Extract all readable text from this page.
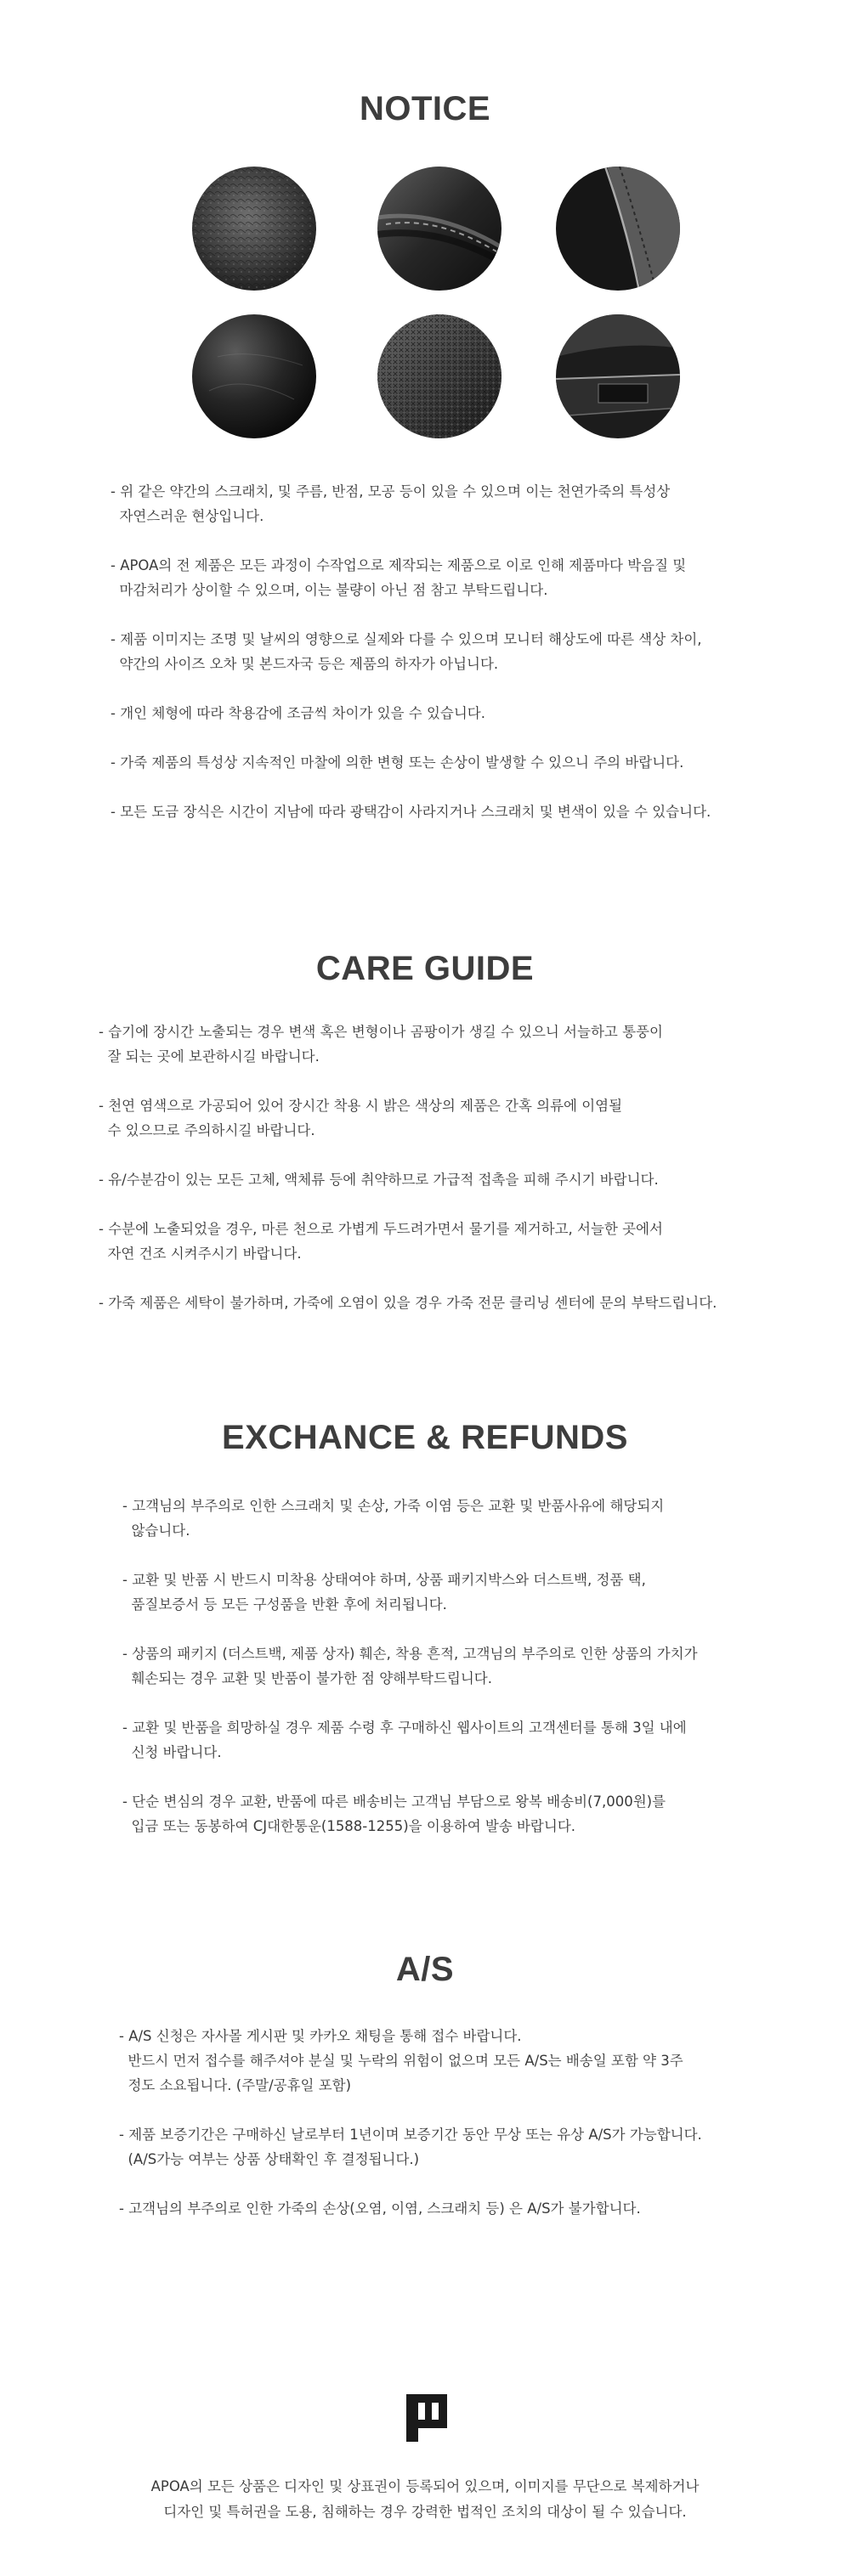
NOTICE
- 위 같은 약간의 스크래치, 및 주름, 반점, 모공 등이 있을 수 있으며 이는 천연가죽의 특성상
자연스러운 현상입니다.
- APOA의 전 제품은 모든 과정이 수작업으로 제작되는 제품으로 이로 인해 제품마다 박음질 및
마감처리가 상이할 수 있으며, 이는 불량이 아닌 점 참고 부탁드립니다.
- 제품 이미지는 조명 및 날씨의 영향으로 실제와 다를 수 있으며 모니터 해상도에 따른 색상 차이,
약간의 사이즈 오차 및 본드자국 등은 제품의 하자가 아닙니다.
- 개인 체형에 따라 착용감에 조금씩 차이가 있을 수 있습니다.
- 가죽 제품의 특성상 지속적인 마찰에 의한 변형 또는 손상이 발생할 수 있으니 주의 바랍니다.
- 모든 도금 장식은 시간이 지남에 따라 광택감이 사라지거나 스크래치 및 변색이 있을 수 있습니다.
CARE GUIDE
- 습기에 장시간 노출되는 경우 변색 혹은 변형이나 곰팡이가 생길 수 있으니 서늘하고 통풍이
잘 되는 곳에 보관하시길 바랍니다.
- 천연 염색으로 가공되어 있어 장시간 착용 시 밝은 색상의 제품은 간혹 의류에 이염될
수 있으므로 주의하시길 바랍니다.
- 유/수분감이 있는 모든 고체, 액체류 등에 취약하므로 가급적 접촉을 피해 주시기 바랍니다.
- 수분에 노출되었을 경우, 마른 천으로 가볍게 두드려가면서 물기를 제거하고, 서늘한 곳에서
자연 건조 시켜주시기 바랍니다.
- 가죽 제품은 세탁이 불가하며, 가죽에 오염이 있을 경우 가죽 전문 클리닝 센터에 문의 부탁드립니다.
EXCHANCE & REFUNDS
- 고객님의 부주의로 인한 스크래치 및 손상, 가죽 이염 등은 교환 및 반품사유에 해당되지
않습니다.
- 교환 및 반품 시 반드시 미착용 상태여야 하며, 상품 패키지박스와 더스트백, 정품 택,
품질보증서 등 모든 구성품을 반환 후에 처리됩니다.
- 상품의 패키지 (더스트백, 제품 상자) 훼손, 착용 흔적, 고객님의 부주의로 인한 상품의 가치가
훼손되는 경우 교환 및 반품이 불가한 점 양해부탁드립니다.
- 교환 및 반품을 희망하실 경우 제품 수령 후 구매하신 웹사이트의 고객센터를 통해 3일 내에
신청 바랍니다.
- 단순 변심의 경우 교환, 반품에 따른 배송비는 고객님 부담으로 왕복 배송비(7,000원)를
입금 또는 동봉하여 CJ대한통운(1588-1255)을 이용하여 발송 바랍니다.
A/S
- A/S 신청은 자사몰 게시판 및 카카오 채팅을 통해 접수 바랍니다.
반드시 먼저 접수를 해주셔야 분실 및 누락의 위험이 없으며 모든 A/S는 배송일 포함 약 3주
정도 소요됩니다. (주말/공휴일 포함)
- 제품 보증기간은 구매하신 날로부터 1년이며 보증기간 동안 무상 또는 유상 A/S가 가능합니다.
(A/S가능 여부는 상품 상태확인 후 결정됩니다.)
- 고객님의 부주의로 인한 가죽의 손상(오염, 이염, 스크래치 등) 은 A/S가 불가합니다.
APOA의 모든 상품은 디자인 및 상표권이 등록되어 있으며, 이미지를 무단으로 복제하거나
디자인 및 특허권을 도용, 침해하는 경우 강력한 법적인 조치의 대상이 될 수 있습니다.
